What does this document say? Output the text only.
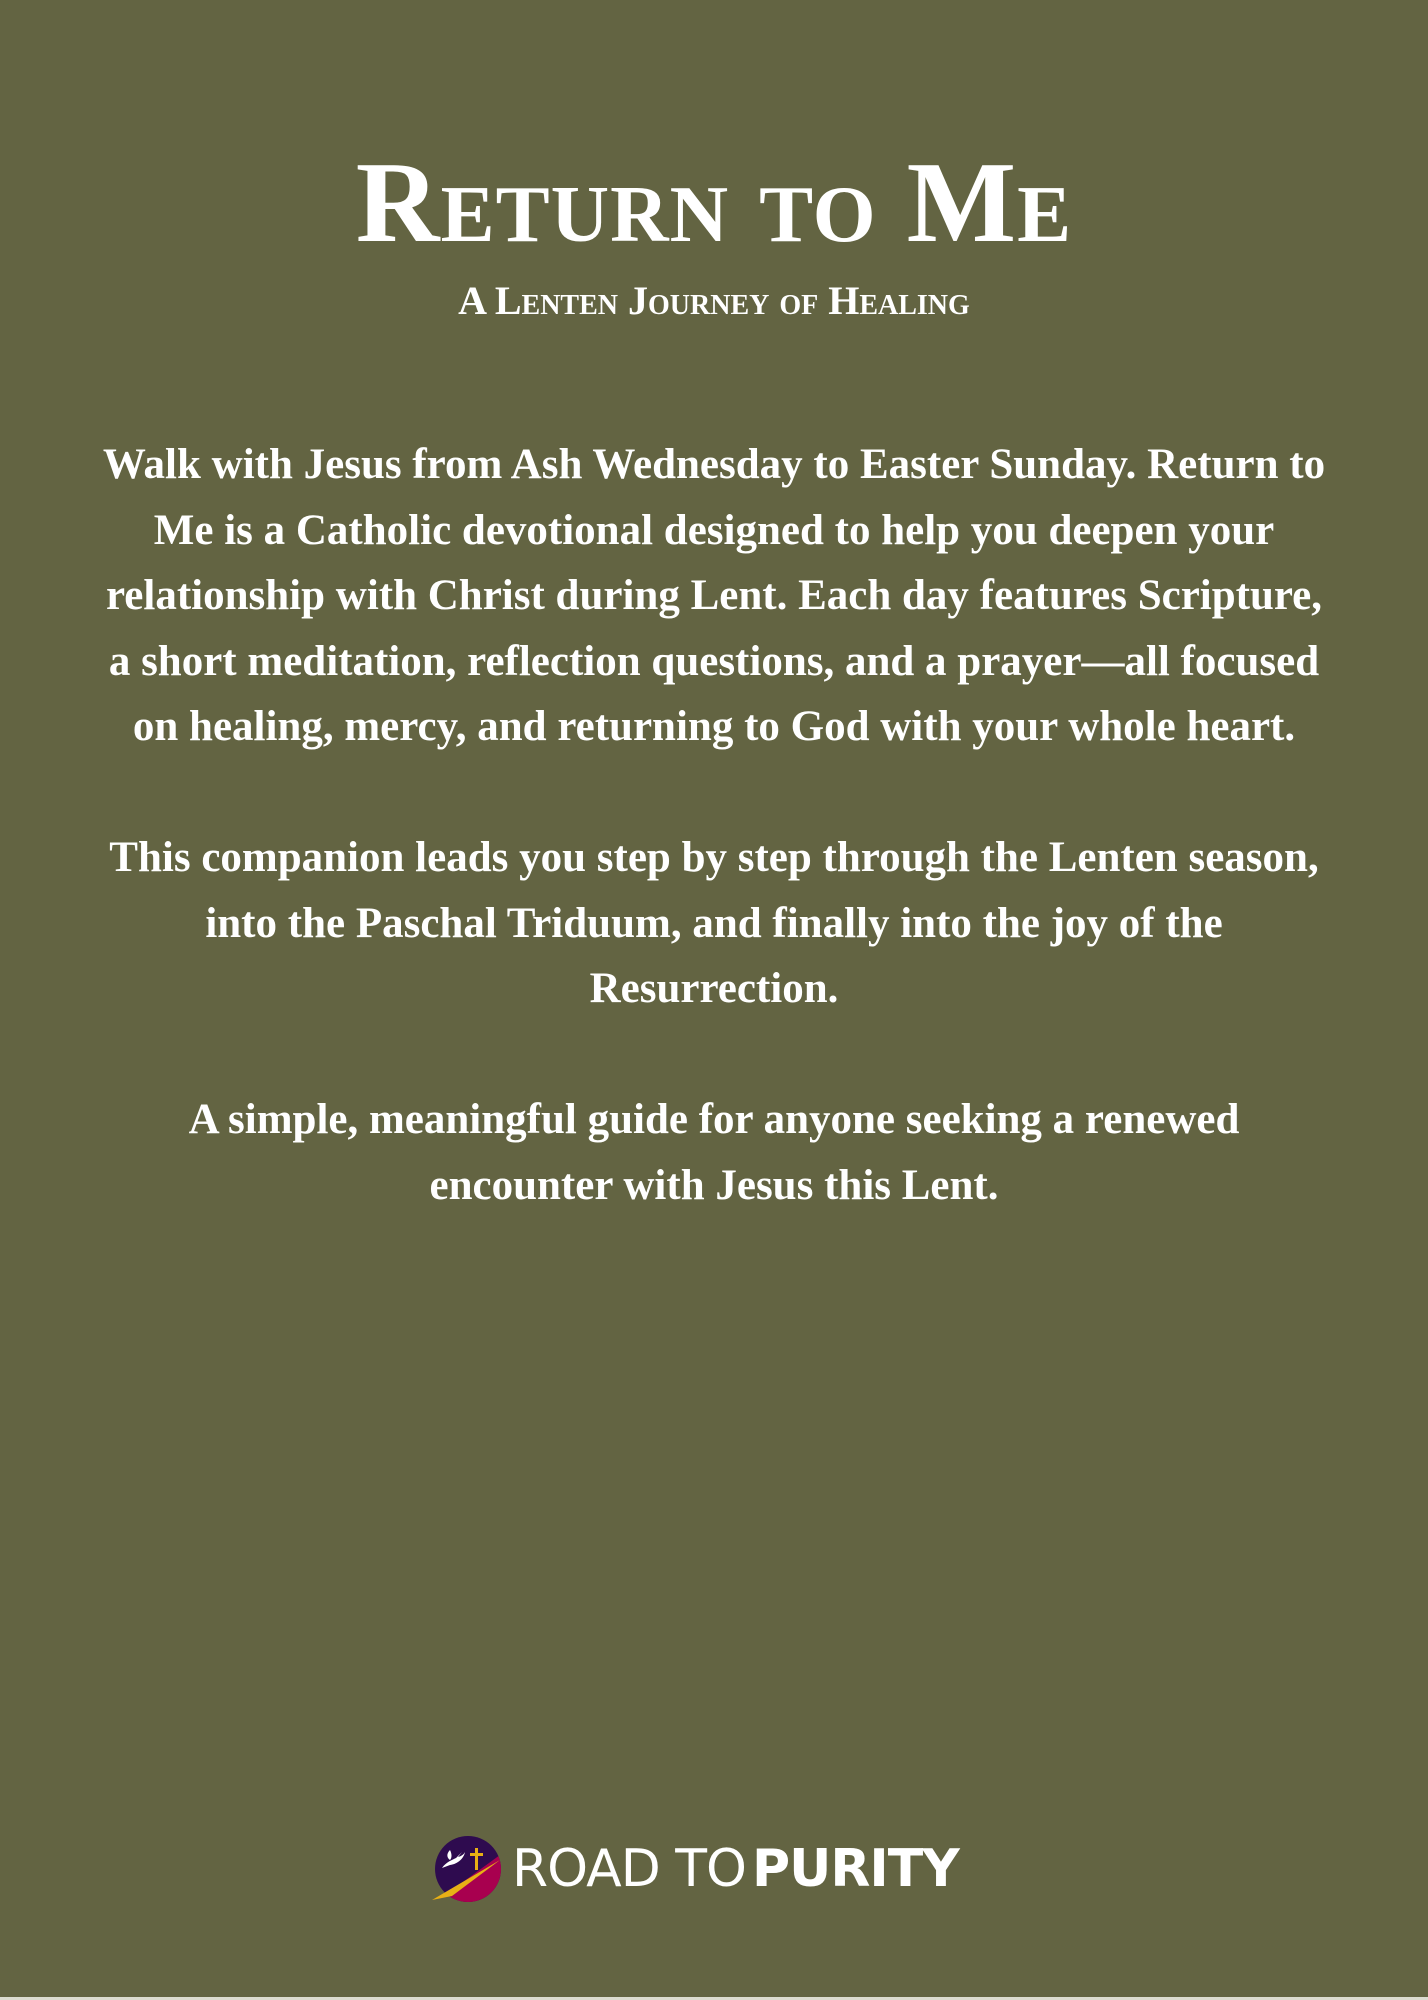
Return to Me
A Lenten Journey of Healing

Walk with Jesus from Ash Wednesday to Easter Sunday. Return to Me is a Catholic devotional designed to help you deepen your relationship with Christ during Lent. Each day features Scripture, a short meditation, reflection questions, and a prayer—all focused on healing, mercy, and returning to God with your whole heart.

This companion leads you step by step through the Lenten season, into the Paschal Triduum, and finally into the joy of the Resurrection.

A simple, meaningful guide for anyone seeking a renewed encounter with Jesus this Lent.

ROAD TO PURITY
